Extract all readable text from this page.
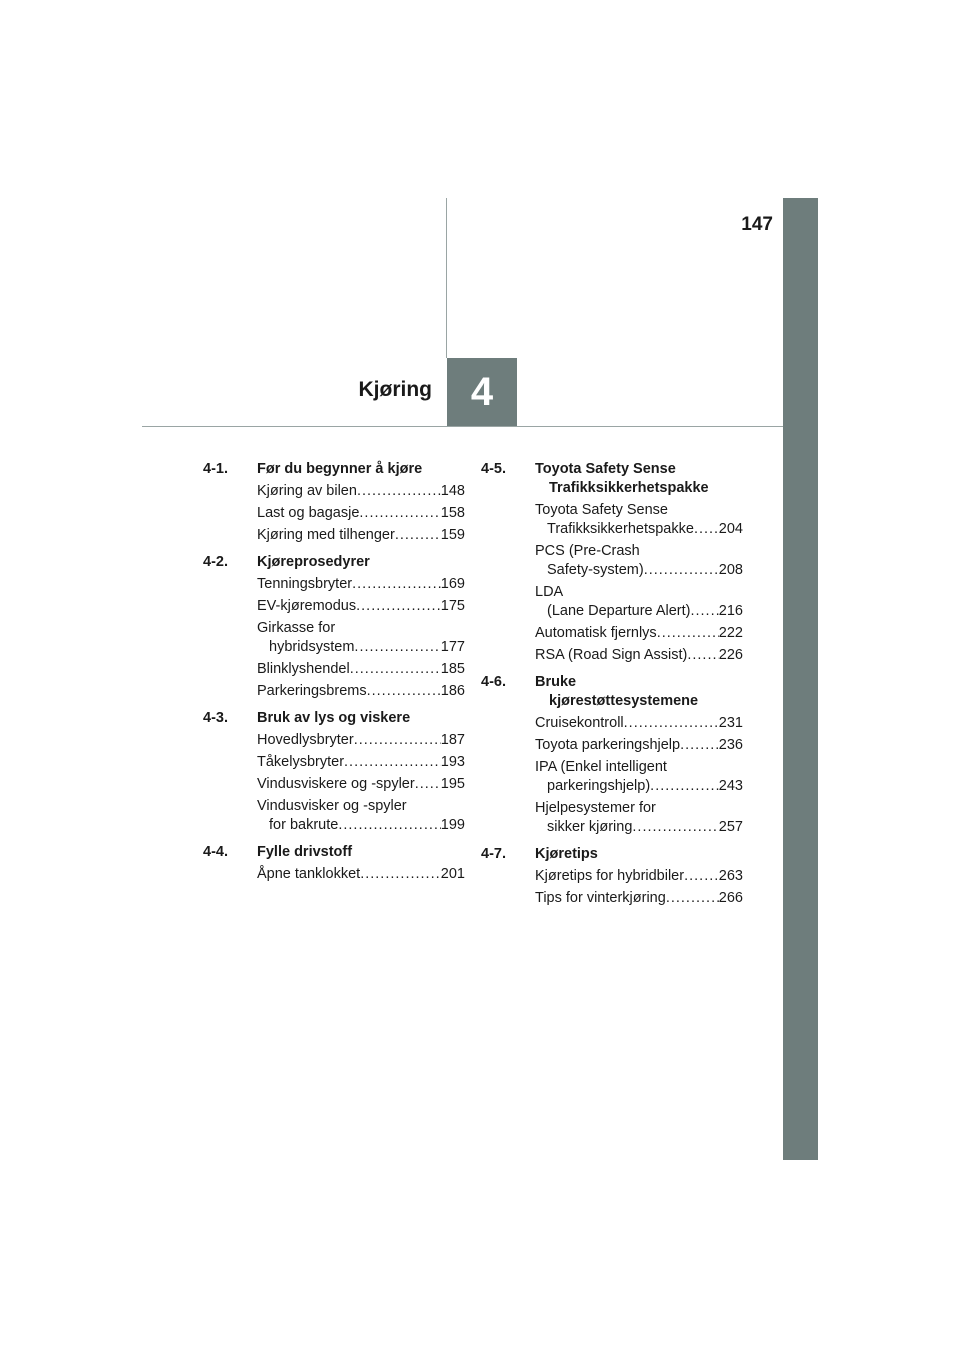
147
4
Kjøring
4-1.	Før du begynner å kjøre
Kjøring av bilen .....	148
Last og bagasje .....	158
Kjøring med tilhenger .....	159
4-2.	Kjøreprosedyrer
Tenningsbryter .....	169
EV-kjøremodus .....	175
Girkasse for
hybridsystem .....	177
Blinklyshendel .....	185
Parkeringsbrems .....	186
4-3.	Bruk av lys og viskere
Hovedlysbryter .....	187
Tåkelysbryter .....	193
Vindusviskere og -spyler ..... 195
Vindusvisker og -spyler
for bakrute .....	199
4-4.	Fylle drivstoff
Åpne tanklokket .....	201
4-5.	Toyota Safety Sense
Trafikksikkerhetspakke
Toyota Safety Sense
Trafikksikkerhetspakke ..... 204
PCS (Pre-Crash
Safety-system) .....	208
LDA
(Lane Departure Alert) ..... 216
Automatisk fjernlys .....	222
RSA (Road Sign Assist) ..... 226
4-6.	Bruke
kjørestøttesystemene
Cruisekontroll .....	231
Toyota parkeringshjelp .....	236
IPA (Enkel intelligent
parkeringshjelp) .....	243
Hjelpesystemer for
sikker kjøring .....	257
4-7.	Kjøretips
Kjøretips for hybridbiler ..... 263
Tips for vinterkjøring .....	266
